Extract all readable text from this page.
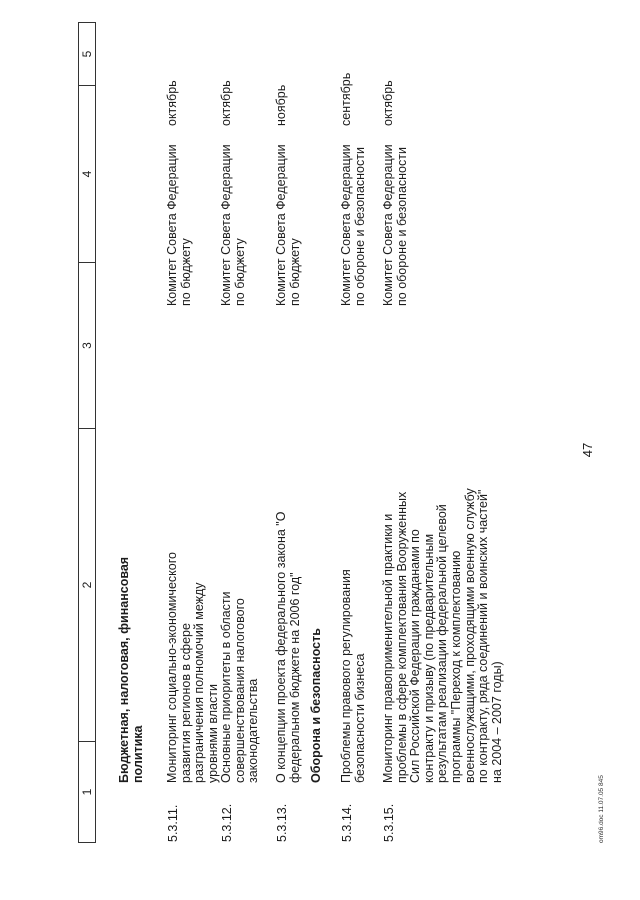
47
1
2
3
4
5
om96.doc 11.07.05 845
Бюджетная, налоговая, финансовая политика
5.3.11.
Мониторинг социально-экономического развития регионов в сфере разграничения полномочий между уровнями власти
Комитет Совета Федерации по бюджету
октябрь
5.3.12.
Основные приоритеты в области совершенствования налогового законодательства
Комитет Совета Федерации по бюджету
октябрь
5.3.13.
О концепции проекта федерального закона "О федеральном бюджете на 2006 год"
Комитет Совета Федерации по бюджету
ноябрь
Оборона и безопасность
5.3.14.
Проблемы правового регулирования безопасности бизнеса
Комитет Совета Федерации по обороне и безопасности
сентябрь
5.3.15.
Мониторинг правоприменительной практики и проблемы в сфере комплектования Вооруженных Сил Российской Федерации гражданами по контракту и призыву (по предварительным результатам реализации федеральной целевой программы "Переход к комплектованию военнослужащими, проходящими военную службу по контракту, ряда соединений и воинских частей" на 2004 – 2007 годы)
Комитет Совета Федерации по обороне и безопасности
октябрь
